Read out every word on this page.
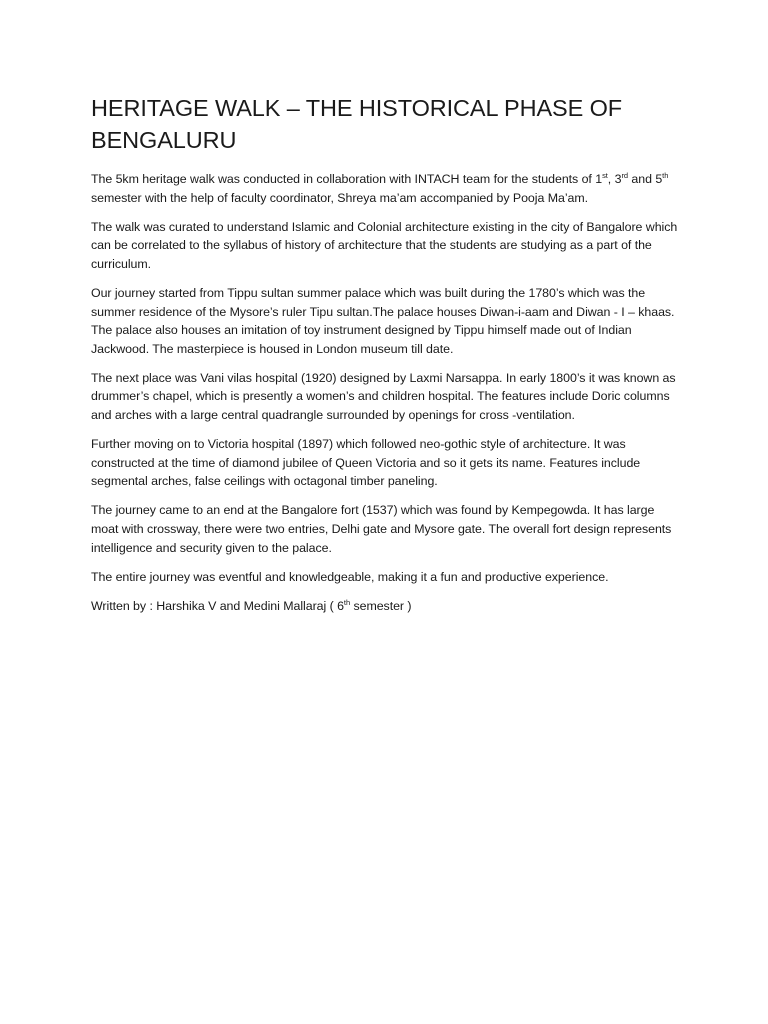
HERITAGE WALK – THE HISTORICAL PHASE OF BENGALURU

The 5km heritage walk was conducted in collaboration with INTACH team for the students of 1st, 3rd and 5th semester with the help of faculty coordinator, Shreya ma’am accompanied by Pooja Ma’am.

The walk was curated to understand Islamic and Colonial architecture existing in the city of Bangalore which can be correlated to the syllabus of history of architecture that the students are studying as a part of the curriculum.

Our journey started from Tippu sultan summer palace which was built during the 1780’s which was the summer residence of the Mysore’s ruler Tipu sultan.The palace houses Diwan-i-aam and Diwan - I – khaas. The palace also houses an imitation of toy instrument designed by Tippu himself made out of Indian Jackwood. The masterpiece is housed in London museum till date.

The next place was Vani vilas hospital (1920) designed by Laxmi Narsappa. In early 1800’s it was known as drummer’s chapel, which is presently a women’s and children hospital. The features include Doric columns and arches with a large central quadrangle surrounded by openings for cross -ventilation.

Further moving on to Victoria hospital (1897) which followed neo-gothic style of architecture. It was constructed at the time of diamond jubilee of Queen Victoria and so it gets its name. Features include segmental arches, false ceilings with octagonal timber paneling.

The journey came to an end at the Bangalore fort (1537) which was found by Kempegowda. It has large moat with crossway, there were two entries, Delhi gate and Mysore gate. The overall fort design represents intelligence and security given to the palace.

The entire journey was eventful and knowledgeable, making it a fun and productive experience.

Written by : Harshika V and Medini Mallaraj ( 6th semester )
